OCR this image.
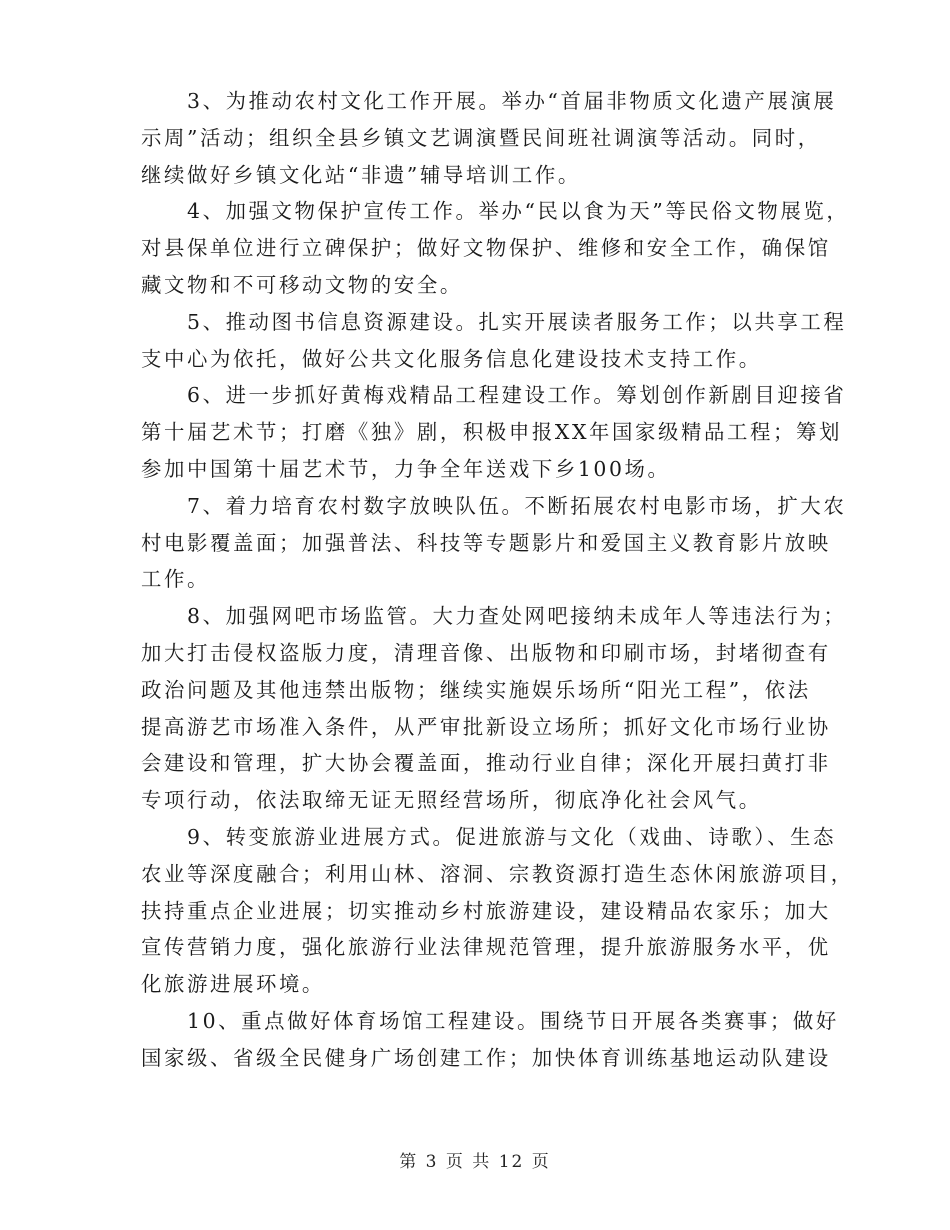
3、为推动农村文化工作开展。举办“首届非物质文化遗产展演展
示周”活动；组织全县乡镇文艺调演暨民间班社调演等活动。同时，
继续做好乡镇文化站“非遗”辅导培训工作。
4、加强文物保护宣传工作。举办“民以食为天”等民俗文物展览，
对县保单位进行立碑保护；做好文物保护、维修和安全工作，确保馆
藏文物和不可移动文物的安全。
5、推动图书信息资源建设。扎实开展读者服务工作；以共享工程
支中心为依托，做好公共文化服务信息化建设技术支持工作。
6、进一步抓好黄梅戏精品工程建设工作。筹划创作新剧目迎接省
第十届艺术节；打磨《独》剧，积极申报XX年国家级精品工程；筹划
参加中国第十届艺术节，力争全年送戏下乡100场。
7、着力培育农村数字放映队伍。不断拓展农村电影市场，扩大农
村电影覆盖面；加强普法、科技等专题影片和爱国主义教育影片放映
工作。
8、加强网吧市场监管。大力查处网吧接纳未成年人等违法行为；
加大打击侵权盗版力度，清理音像、出版物和印刷市场，封堵彻查有
政治问题及其他违禁出版物；继续实施娱乐场所“阳光工程”，依法
提高游艺市场准入条件，从严审批新设立场所；抓好文化市场行业协
会建设和管理，扩大协会覆盖面，推动行业自律；深化开展扫黄打非
专项行动，依法取缔无证无照经营场所，彻底净化社会风气。
9、转变旅游业进展方式。促进旅游与文化（戏曲、诗歌）、生态
农业等深度融合；利用山林、溶洞、宗教资源打造生态休闲旅游项目，
扶持重点企业进展；切实推动乡村旅游建设，建设精品农家乐；加大
宣传营销力度，强化旅游行业法律规范管理，提升旅游服务水平，优
化旅游进展环境。
10、重点做好体育场馆工程建设。围绕节日开展各类赛事；做好
国家级、省级全民健身广场创建工作；加快体育训练基地运动队建设
第 3 页 共 12 页
